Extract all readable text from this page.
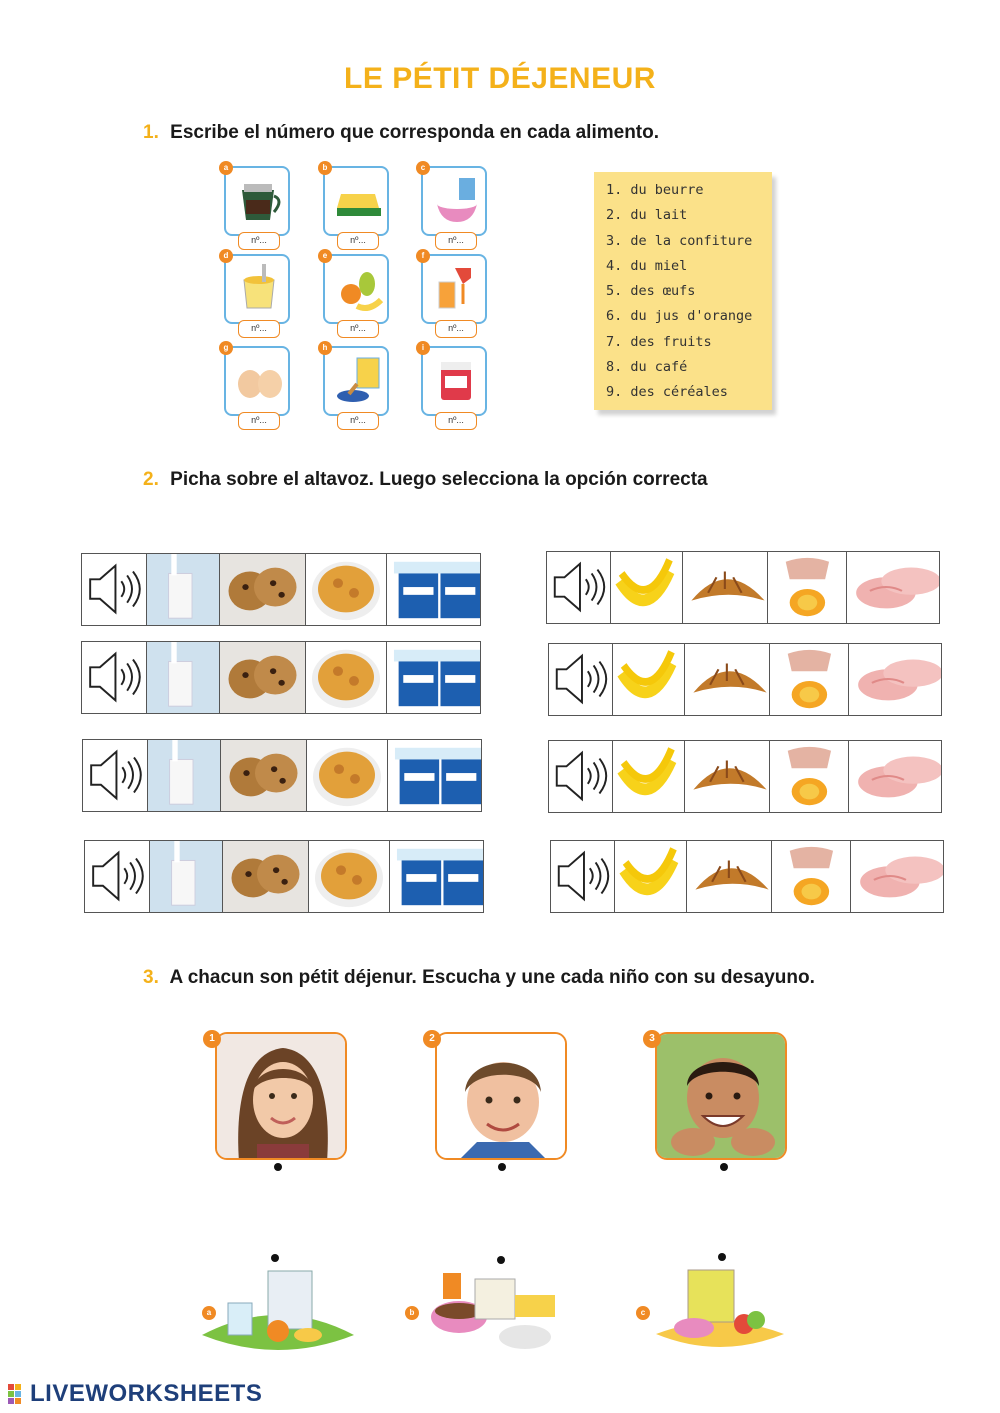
LE PÉTIT DÉJENEUR
1. Escribe el número que corresponda en cada alimento.
a
nº...
b
nº...
c
nº...
d
nº...
e
nº...
f
nº...
g
nº...
h
nº...
i
nº...
1. du beurre
2. du lait
3. de la confiture
4. du miel
5. des œufs
6. du jus d'orange
7. des fruits
8. du café
9. des céréales
2. Picha sobre el altavoz. Luego selecciona la opción correcta
3. A chacun son pétit déjenur. Escucha y une cada niño con su desayuno.
1	2	3
a	b	c
LIVEWORKSHEETS
